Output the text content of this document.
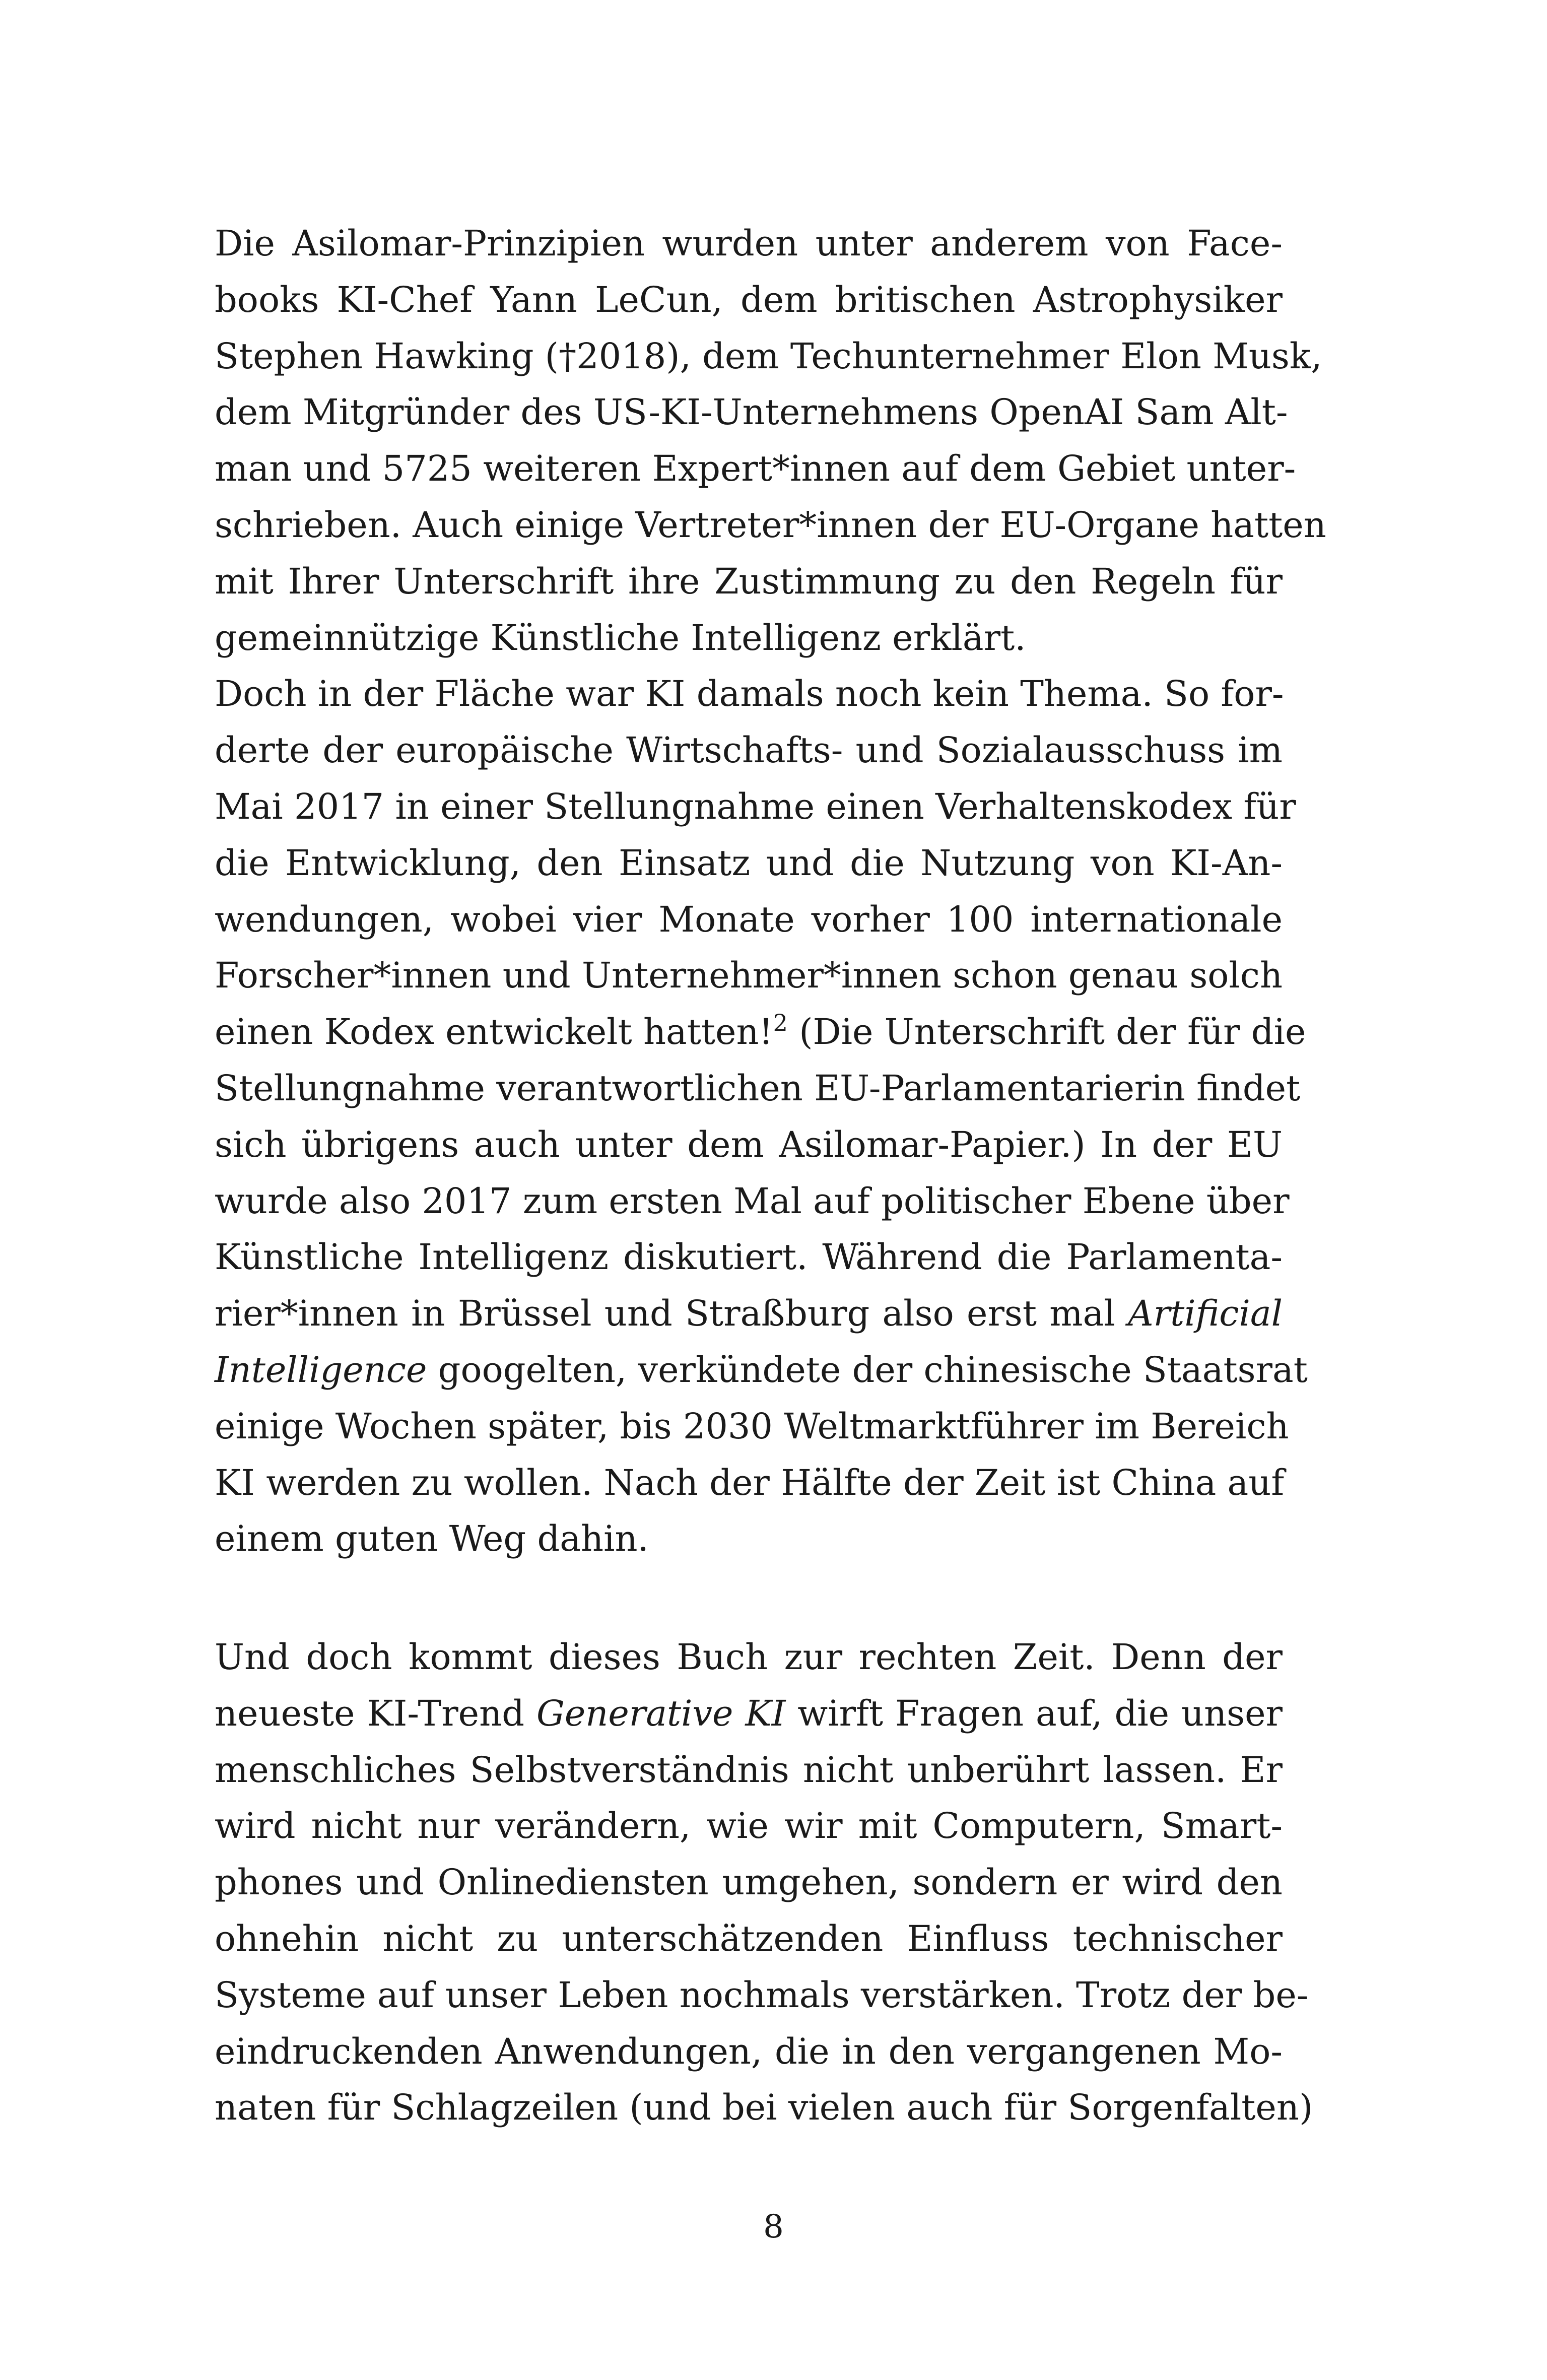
Die Asilomar-Prinzipien wurden unter anderem von Face-
books KI-Chef Yann LeCun, dem britischen Astrophysiker
Stephen Hawking (†2018), dem Techunternehmer Elon Musk,
dem Mitgründer des US-KI-Unternehmens OpenAI Sam Alt-
man und 5725 weiteren Expert*innen auf dem Gebiet unter-
schrieben. Auch einige Vertreter*innen der EU-Organe hatten
mit Ihrer Unterschrift ihre Zustimmung zu den Regeln für
gemeinnützige Künstliche Intelligenz erklärt.
Doch in der Fläche war KI damals noch kein Thema. So for-
derte der europäische Wirtschafts- und Sozialausschuss im
Mai 2017 in einer Stellungnahme einen Verhaltenskodex für
die Entwicklung, den Einsatz und die Nutzung von KI-An-
wendungen, wobei vier Monate vorher 100 internationale
Forscher*innen und Unternehmer*innen schon genau solch
einen Kodex entwickelt hatten!$^2$ (Die Unterschrift der für die
Stellungnahme verantwortlichen EU-Parlamentarierin findet
sich übrigens auch unter dem Asilomar-Papier.) In der EU
wurde also 2017 zum ersten Mal auf politischer Ebene über
Künstliche Intelligenz diskutiert. Während die Parlamenta-
rier*innen in Brüssel und Straßburg also erst mal Artificial
Intelligence googelten, verkündete der chinesische Staatsrat
einige Wochen später, bis 2030 Weltmarktführer im Bereich
KI werden zu wollen. Nach der Hälfte der Zeit ist China auf
einem guten Weg dahin.
Und doch kommt dieses Buch zur rechten Zeit. Denn der
neueste KI-Trend Generative KI wirft Fragen auf, die unser
menschliches Selbstverständnis nicht unberührt lassen. Er
wird nicht nur verändern, wie wir mit Computern, Smart-
phones und Onlinediensten umgehen, sondern er wird den
ohnehin nicht zu unterschätzenden Einfluss technischer
Systeme auf unser Leben nochmals verstärken. Trotz der be-
eindruckenden Anwendungen, die in den vergangenen Mo-
naten für Schlagzeilen (und bei vielen auch für Sorgenfalten)
8
